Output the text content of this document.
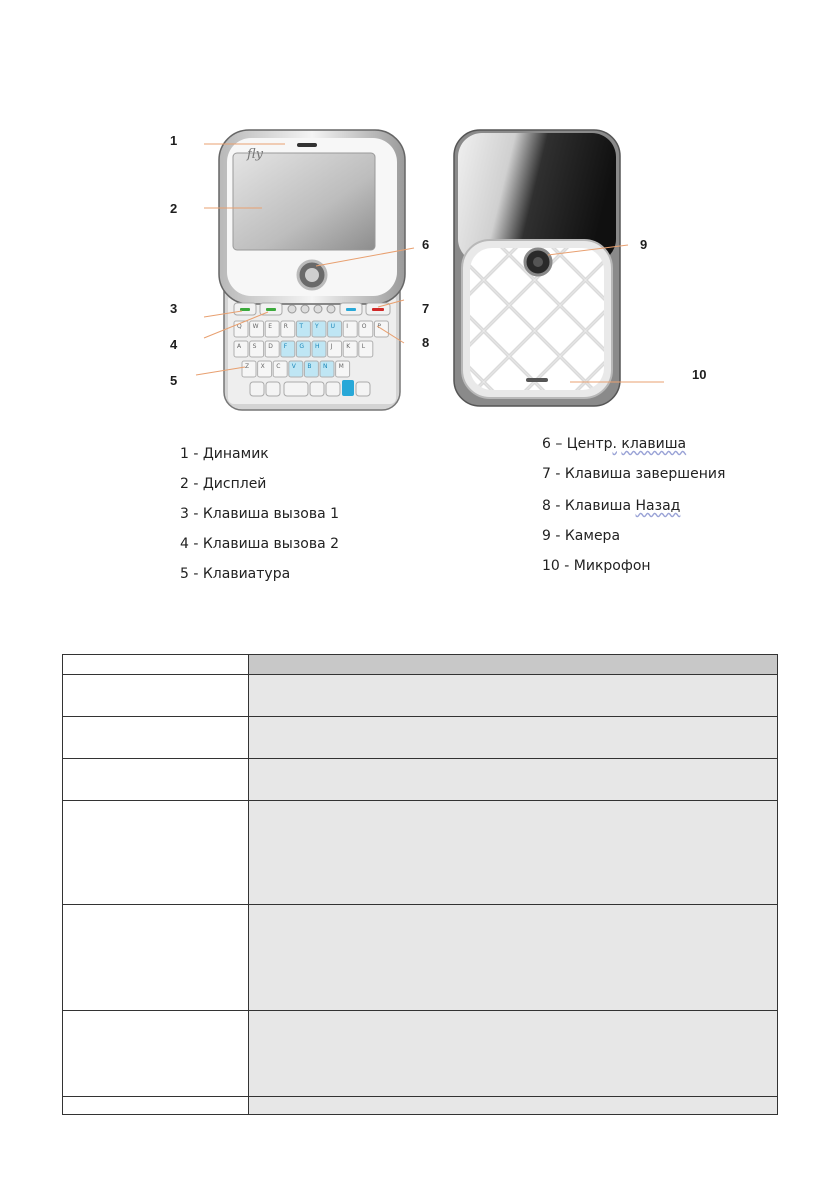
Q W E R T Y U I O P
A S D F G H J K L
Z X C V B N M
fly
1
2
3
4
5
6
7
8
9
10
1 - Динамик
2 - Дисплей
3 - Клавиша вызова 1
4 - Клавиша вызова 2
5 - Клавиатура
6 – Центр. клавиша
7 - Клавиша завершения
8 - Клавиша Назад
9 - Камера
10 - Микрофон
